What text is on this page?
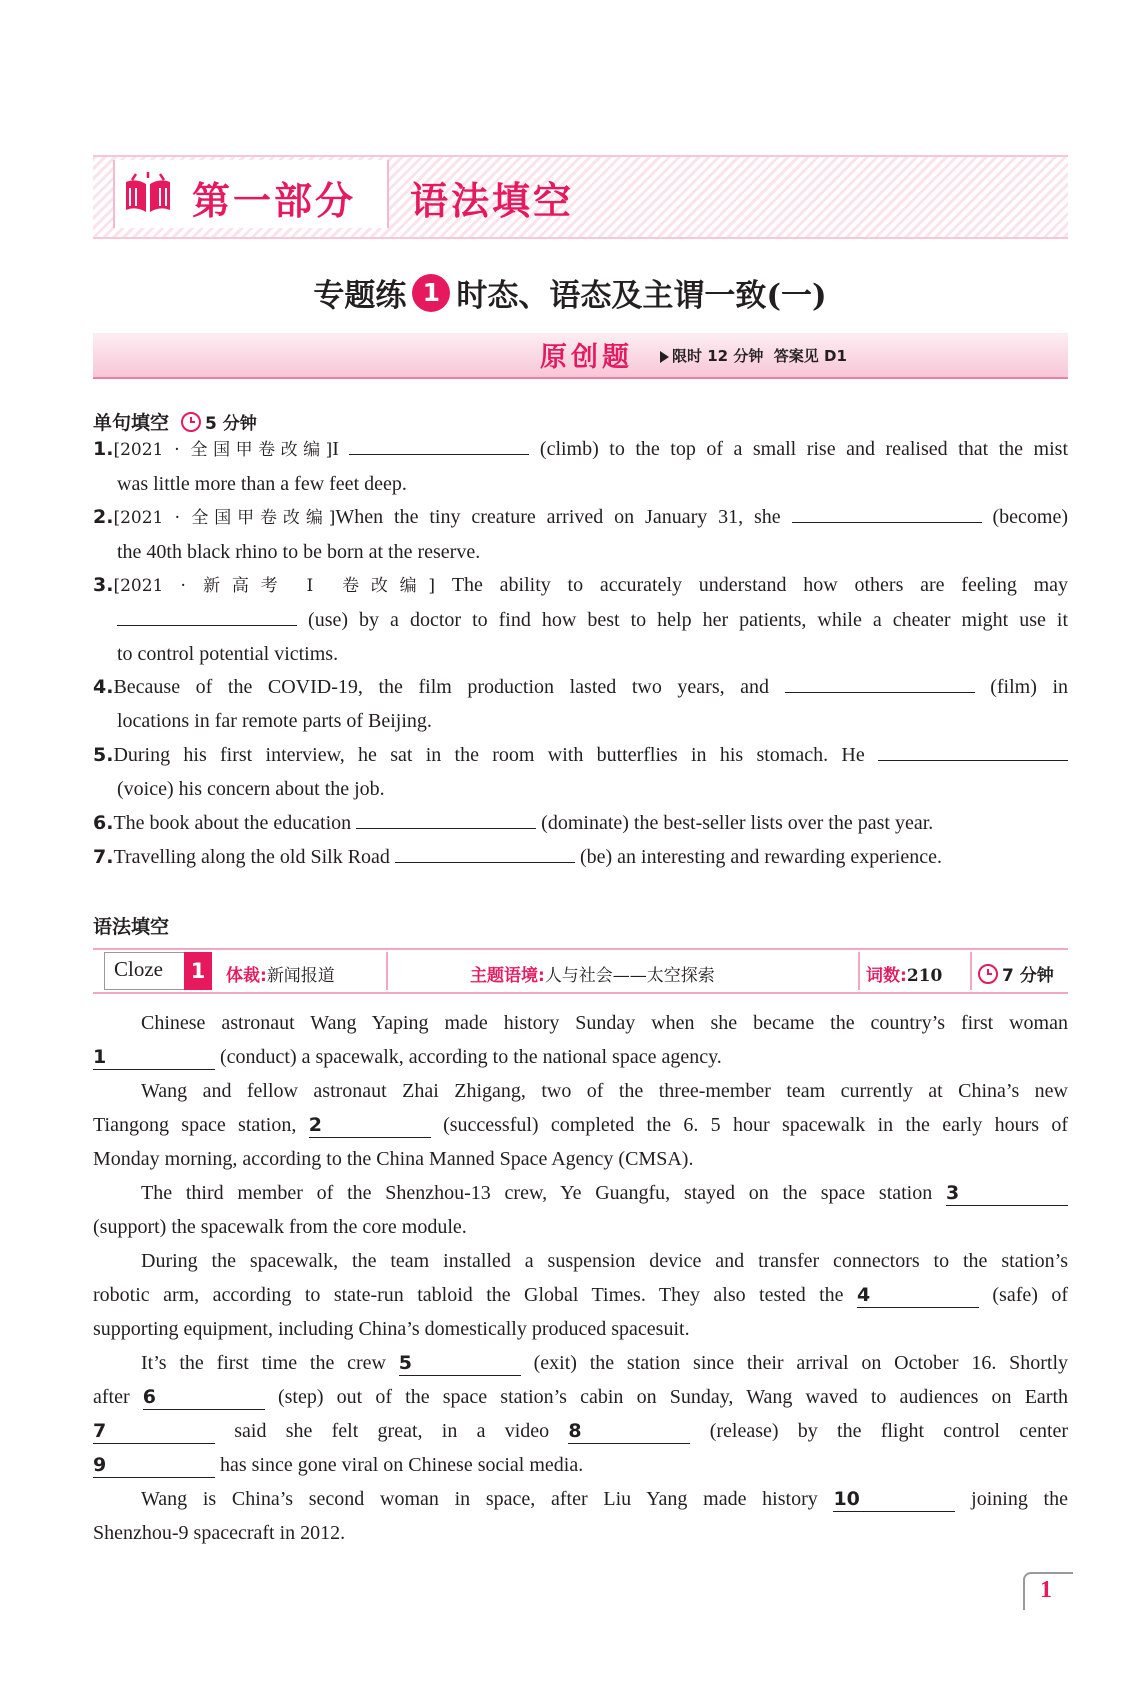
第一部分 语法填空
专题练 1 时态、语态及主谓一致(一)
原创题	限时 12 分钟 答案见 D1
单句填空 5 分钟
1.[2021 · 全国甲卷改编]I	(climb) to the top of a small rise and realised that the mist
was little more than a few feet deep.
2.[2021 · 全国甲卷改编]When the tiny creature arrived on January 31, she	(become)
the 40th black rhino to be born at the reserve.
3.[2021 · 新高考 Ⅰ 卷改编] The ability to accurately understand how others are feeling may
(use) by a doctor to find how best to help her patients, while a cheater might use it
to control potential victims.
4.Because of the COVID-19, the film production lasted two years, and	(film) in
locations in far remote parts of Beijing.
5.During his first interview, he sat in the room with butterflies in his stomach. He
(voice) his concern about the job.
6.The book about the education	(dominate) the best-seller lists over the past year.
7.Travelling along the old Silk Road	(be) an interesting and rewarding experience.
语法填空
Cloze	1	体裁:新闻报道	主题语境:人与社会——太空探索	词数:210	7 分钟
Chinese astronaut Wang Yaping made history Sunday when she became the country’s first woman
1	(conduct) a spacewalk, according to the national space agency.
Wang and fellow astronaut Zhai Zhigang, two of the three-member team currently at China’s new
Tiangong space station, 2	(successful) completed the 6. 5 hour spacewalk in the early hours of
Monday morning, according to the China Manned Space Agency (CMSA).
The third member of the Shenzhou-13 crew, Ye Guangfu, stayed on the space station 3
(support) the spacewalk from the core module.
During the spacewalk, the team installed a suspension device and transfer connectors to the station’s
robotic arm, according to state-run tabloid the Global Times. They also tested the 4	(safe) of
supporting equipment, including China’s domestically produced spacesuit.
It’s the first time the crew 5	(exit) the station since their arrival on October 16. Shortly
after 6	(step) out of the space station’s cabin on Sunday, Wang waved to audiences on Earth
7	said she felt great, in a video 8	(release) by the flight control center
9	has since gone viral on Chinese social media.
Wang is China’s second woman in space, after Liu Yang made history 10	joining the
Shenzhou-9 spacecraft in 2012.
1
